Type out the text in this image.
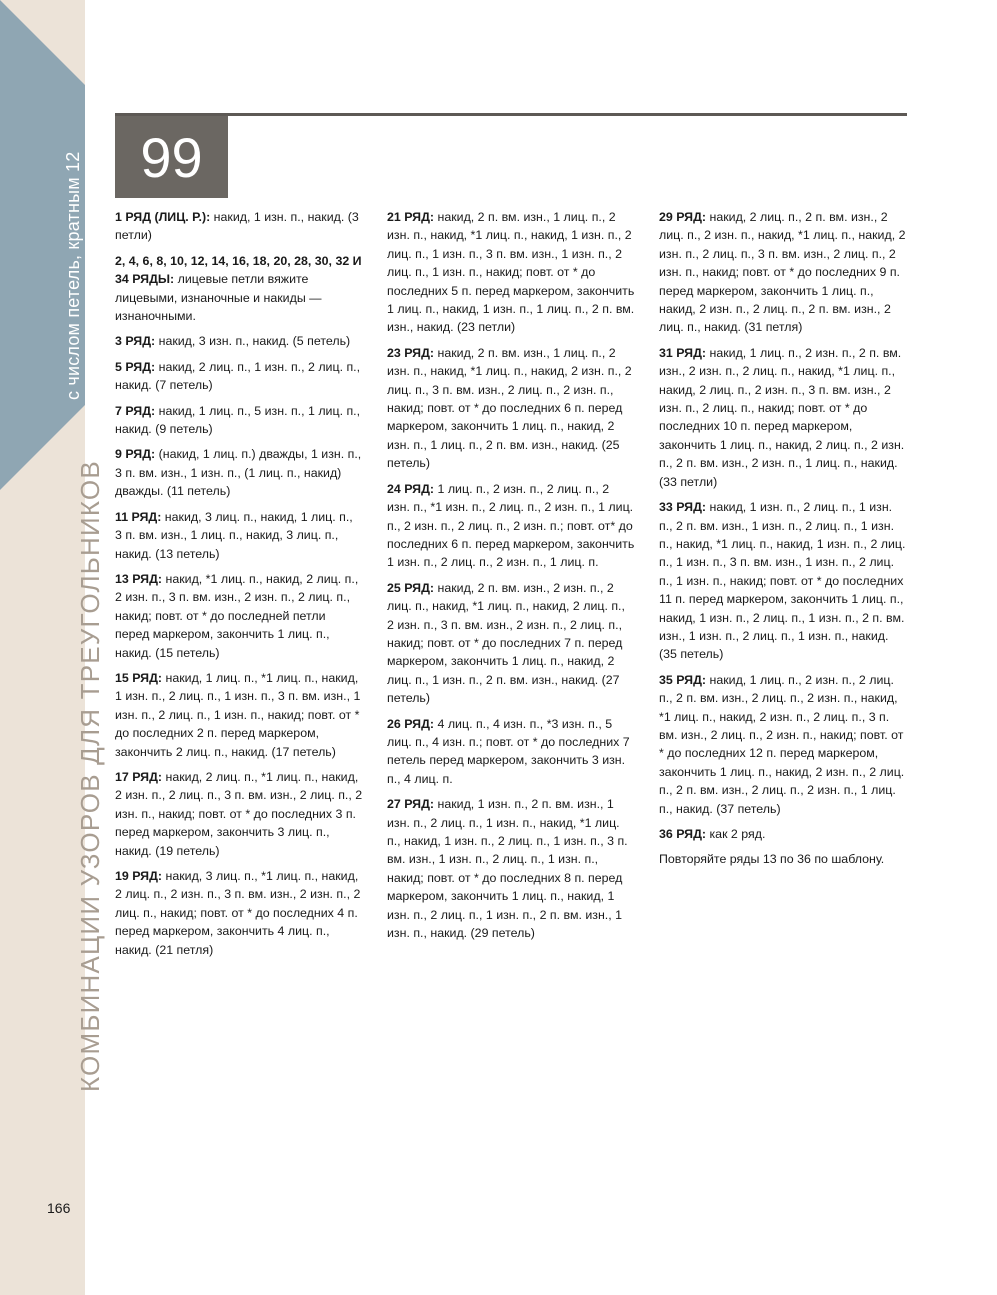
с числом петель, кратным 12
КОМБИНАЦИИ УЗОРОВ ДЛЯ ТРЕУГОЛЬНИКОВ
99

1 РЯД (ЛИЦ. Р.): накид, 1 изн. п., накид. (3 петли)

2, 4, 6, 8, 10, 12, 14, 16, 18, 20, 28, 30, 32 И 34 РЯДЫ: лицевые петли вяжите лицевыми, изнаночные и накиды — изнаночными.

3 РЯД: накид, 3 изн. п., накид. (5 петель)

5 РЯД: накид, 2 лиц. п., 1 изн. п., 2 лиц. п., накид. (7 петель)

7 РЯД: накид, 1 лиц. п., 5 изн. п., 1 лиц. п., накид. (9 петель)

9 РЯД: (накид, 1 лиц. п.) дважды, 1 изн. п., 3 п. вм. изн., 1 изн. п., (1 лиц. п., накид) дважды. (11 петель)

11 РЯД: накид, 3 лиц. п., накид, 1 лиц. п., 3 п. вм. изн., 1 лиц. п., накид, 3 лиц. п., накид. (13 петель)

13 РЯД: накид, *1 лиц. п., накид, 2 лиц. п., 2 изн. п., 3 п. вм. изн., 2 изн. п., 2 лиц. п., накид; повт. от * до последней петли перед маркером, закончить 1 лиц. п., накид. (15 петель)

15 РЯД: накид, 1 лиц. п., *1 лиц. п., накид, 1 изн. п., 2 лиц. п., 1 изн. п., 3 п. вм. изн., 1 изн. п., 2 лиц. п., 1 изн. п., накид; повт. от * до последних 2 п. перед маркером, закончить 2 лиц. п., накид. (17 петель)

17 РЯД: накид, 2 лиц. п., *1 лиц. п., накид, 2 изн. п., 2 лиц. п., 3 п. вм. изн., 2 лиц. п., 2 изн. п., накид; повт. от * до последних 3 п. перед маркером, закончить 3 лиц. п., накид. (19 петель)

19 РЯД: накид, 3 лиц. п., *1 лиц. п., накид, 2 лиц. п., 2 изн. п., 3 п. вм. изн., 2 изн. п., 2 лиц. п., накид; повт. от * до последних 4 п. перед маркером, закончить 4 лиц. п., накид. (21 петля)

21 РЯД: накид, 2 п. вм. изн., 1 лиц. п., 2 изн. п., накид, *1 лиц. п., накид, 1 изн. п., 2 лиц. п., 1 изн. п., 3 п. вм. изн., 1 изн. п., 2 лиц. п., 1 изн. п., накид; повт. от * до последних 5 п. перед маркером, закончить 1 лиц. п., накид, 1 изн. п., 1 лиц. п., 2 п. вм. изн., накид. (23 петли)

23 РЯД: накид, 2 п. вм. изн., 1 лиц. п., 2 изн. п., накид, *1 лиц. п., накид, 2 изн. п., 2 лиц. п., 3 п. вм. изн., 2 лиц. п., 2 изн. п., накид; повт. от * до последних 6 п. перед маркером, закончить 1 лиц. п., накид, 2 изн. п., 1 лиц. п., 2 п. вм. изн., накид. (25 петель)

24 РЯД: 1 лиц. п., 2 изн. п., 2 лиц. п., 2 изн. п., *1 изн. п., 2 лиц. п., 2 изн. п., 1 лиц. п., 2 изн. п., 2 лиц. п., 2 изн. п.; повт. от* до последних 6 п. перед маркером, закончить 1 изн. п., 2 лиц. п., 2 изн. п., 1 лиц. п.

25 РЯД: накид, 2 п. вм. изн., 2 изн. п., 2 лиц. п., накид, *1 лиц. п., накид, 2 лиц. п., 2 изн. п., 3 п. вм. изн., 2 изн. п., 2 лиц. п., накид; повт. от * до последних 7 п. перед маркером, закончить 1 лиц. п., накид, 2 лиц. п., 1 изн. п., 2 п. вм. изн., накид. (27 петель)

26 РЯД: 4 лиц. п., 4 изн. п., *3 изн. п., 5 лиц. п., 4 изн. п.; повт. от * до последних 7 петель перед маркером, закончить 3 изн. п., 4 лиц. п.

27 РЯД: накид, 1 изн. п., 2 п. вм. изн., 1 изн. п., 2 лиц. п., 1 изн. п., накид, *1 лиц. п., накид, 1 изн. п., 2 лиц. п., 1 изн. п., 3 п. вм. изн., 1 изн. п., 2 лиц. п., 1 изн. п., накид; повт. от * до последних 8 п. перед маркером, закончить 1 лиц. п., накид, 1 изн. п., 2 лиц. п., 1 изн. п., 2 п. вм. изн., 1 изн. п., накид. (29 петель)

29 РЯД: накид, 2 лиц. п., 2 п. вм. изн., 2 лиц. п., 2 изн. п., накид, *1 лиц. п., накид, 2 изн. п., 2 лиц. п., 3 п. вм. изн., 2 лиц. п., 2 изн. п., накид; повт. от * до последних 9 п. перед маркером, закончить 1 лиц. п., накид, 2 изн. п., 2 лиц. п., 2 п. вм. изн., 2 лиц. п., накид. (31 петля)

31 РЯД: накид, 1 лиц. п., 2 изн. п., 2 п. вм. изн., 2 изн. п., 2 лиц. п., накид, *1 лиц. п., накид, 2 лиц. п., 2 изн. п., 3 п. вм. изн., 2 изн. п., 2 лиц. п., накид; повт. от * до последних 10 п. перед маркером, закончить 1 лиц. п., накид, 2 лиц. п., 2 изн. п., 2 п. вм. изн., 2 изн. п., 1 лиц. п., накид. (33 петли)

33 РЯД: накид, 1 изн. п., 2 лиц. п., 1 изн. п., 2 п. вм. изн., 1 изн. п., 2 лиц. п., 1 изн. п., накид, *1 лиц. п., накид, 1 изн. п., 2 лиц. п., 1 изн. п., 3 п. вм. изн., 1 изн. п., 2 лиц. п., 1 изн. п., накид; повт. от * до последних 11 п. перед маркером, закончить 1 лиц. п., накид, 1 изн. п., 2 лиц. п., 1 изн. п., 2 п. вм. изн., 1 изн. п., 2 лиц. п., 1 изн. п., накид. (35 петель)

35 РЯД: накид, 1 лиц. п., 2 изн. п., 2 лиц. п., 2 п. вм. изн., 2 лиц. п., 2 изн. п., накид, *1 лиц. п., накид, 2 изн. п., 2 лиц. п., 3 п. вм. изн., 2 лиц. п., 2 изн. п., накид; повт. от * до последних 12 п. перед маркером, закончить 1 лиц. п., накид, 2 изн. п., 2 лиц. п., 2 п. вм. изн., 2 лиц. п., 2 изн. п., 1 лиц. п., накид. (37 петель)

36 РЯД: как 2 ряд.

Повторяйте ряды 13 по 36 по шаблону.

166
